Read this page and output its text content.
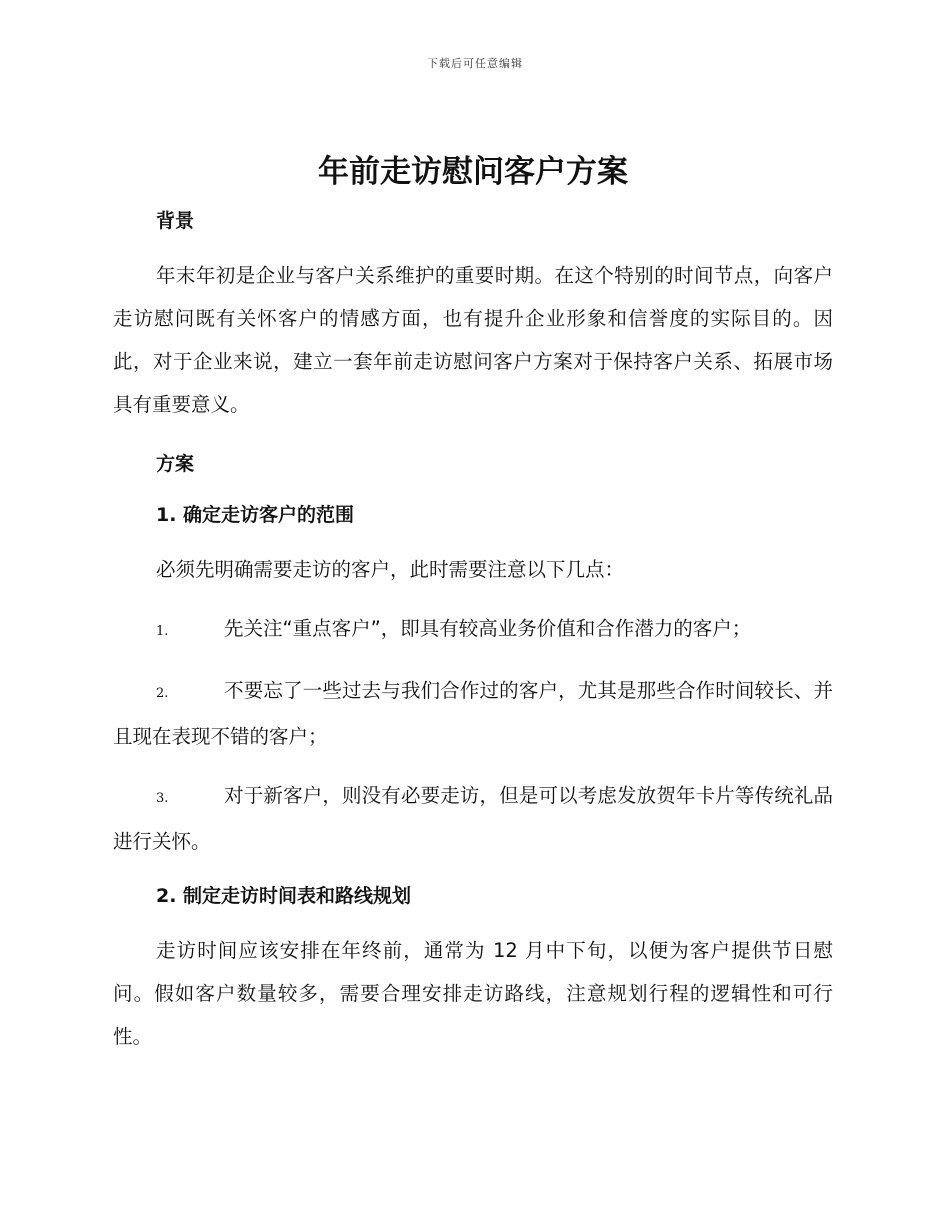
下载后可任意编辑
年前走访慰问客户方案
背景

年末年初是企业与客户关系维护的重要时期。在这个特别的时间节点，向客户走访慰问既有关怀客户的情感方面，也有提升企业形象和信誉度的实际目的。因此，对于企业来说，建立一套年前走访慰问客户方案对于保持客户关系、拓展市场具有重要意义。

方案
1. 确定走访客户的范围

必须先明确需要走访的客户，此时需要注意以下几点：

1.	先关注“重点客户”，即具有较高业务价值和合作潜力的客户；

2.	不要忘了一些过去与我们合作过的客户，尤其是那些合作时间较长、并且现在表现不错的客户；

3.	对于新客户，则没有必要走访，但是可以考虑发放贺年卡片等传统礼品进行关怀。

2. 制定走访时间表和路线规划

走访时间应该安排在年终前，通常为 12 月中下旬，以便为客户提供节日慰问。假如客户数量较多，需要合理安排走访路线，注意规划行程的逻辑性和可行性。
